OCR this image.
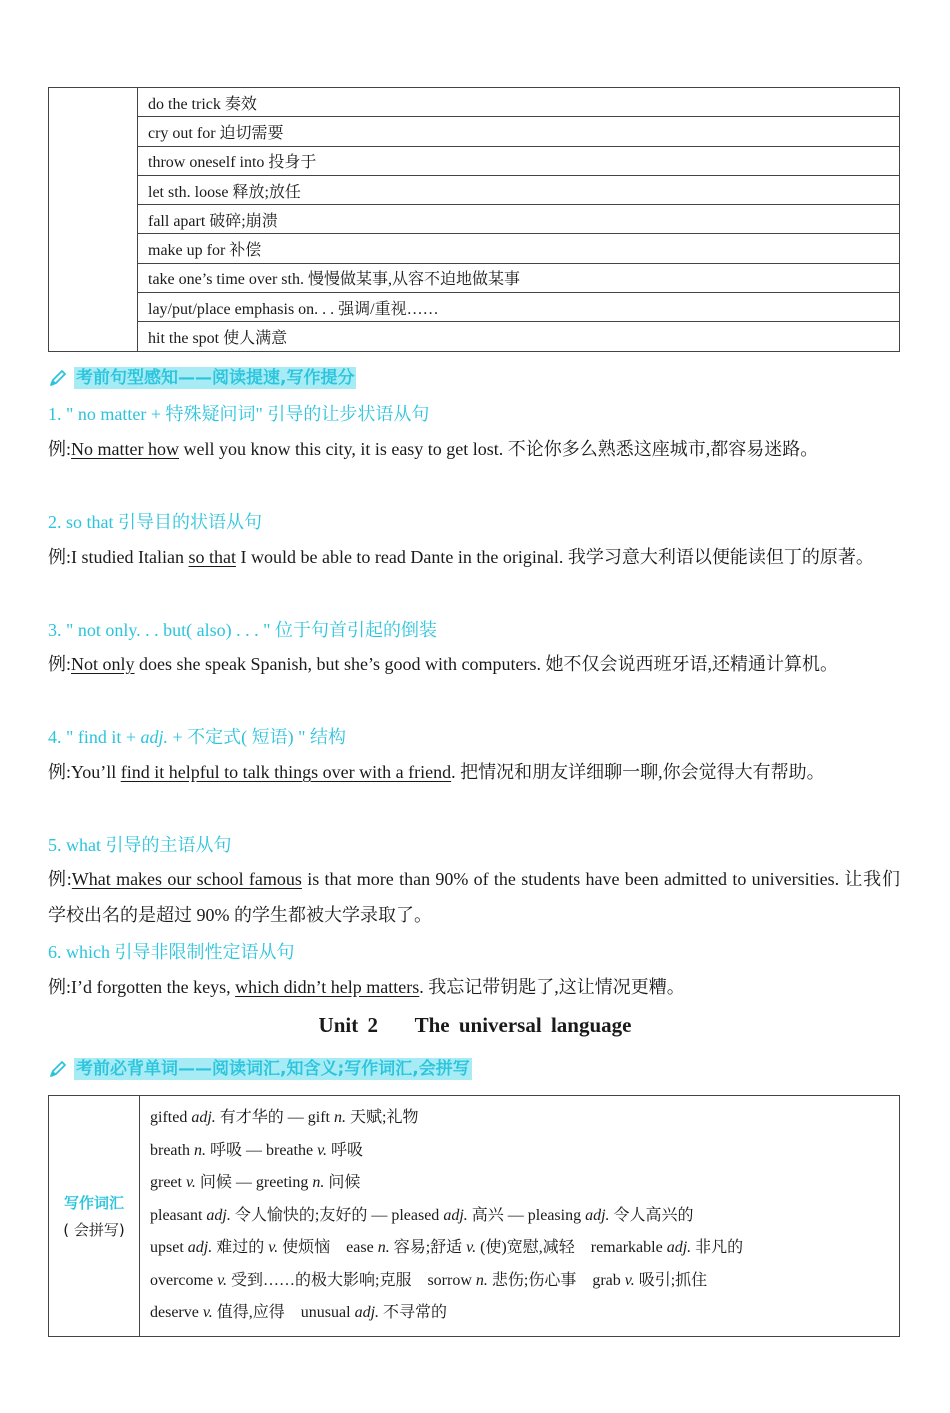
	do the trick 奏效
cry out for 迫切需要
throw oneself into 投身于
let sth. loose 释放;放任
fall apart 破碎;崩溃
make up for 补偿
take one’s time over sth. 慢慢做某事,从容不迫地做某事
lay/put/place emphasis on. . . 强调/重视……
hit the spot 使人满意
考前句型感知——阅读提速,写作提分
1. " no matter + 特殊疑问词" 引导的让步状语从句
例:No matter how well you know this city, it is easy to get lost. 不论你多么熟悉这座城市,都容易迷路。
2. so that 引导目的状语从句
例:I studied Italian so that I would be able to read Dante in the original. 我学习意大利语以便能读但丁的原著。
3. " not only. . . but( also) . . . " 位于句首引起的倒装
例:Not only does she speak Spanish, but she’s good with computers. 她不仅会说西班牙语,还精通计算机。
4. " find it + adj. + 不定式( 短语) " 结构
例:You’ll find it helpful to talk things over with a friend. 把情况和朋友详细聊一聊,你会觉得大有帮助。
5. what 引导的主语从句
例:What makes our school famous is that more than 90% of the students have been admitted to universities. 让我们学校出名的是超过 90% 的学生都被大学录取了。
6. which 引导非限制性定语从句
例:I’d forgotten the keys, which didn’t help matters. 我忘记带钥匙了,这让情况更糟。
Unit 2    The universal language
考前必背单词——阅读词汇,知含义;写作词汇,会拼写
写作词汇
( 会拼写)

gifted adj. 有才华的 — gift n. 天赋;礼物
breath n. 呼吸 — breathe v. 呼吸
greet v. 问候 — greeting n. 问候
pleasant adj. 令人愉快的;友好的 — pleased adj. 高兴 — pleasing adj. 令人高兴的
upset adj. 难过的 v. 使烦恼    ease n. 容易;舒适 v. (使)宽慰,减轻    remarkable adj. 非凡的
overcome v. 受到……的极大影响;克服    sorrow n. 悲伤;伤心事    grab v. 吸引;抓住
deserve v. 值得,应得    unusual adj. 不寻常的
